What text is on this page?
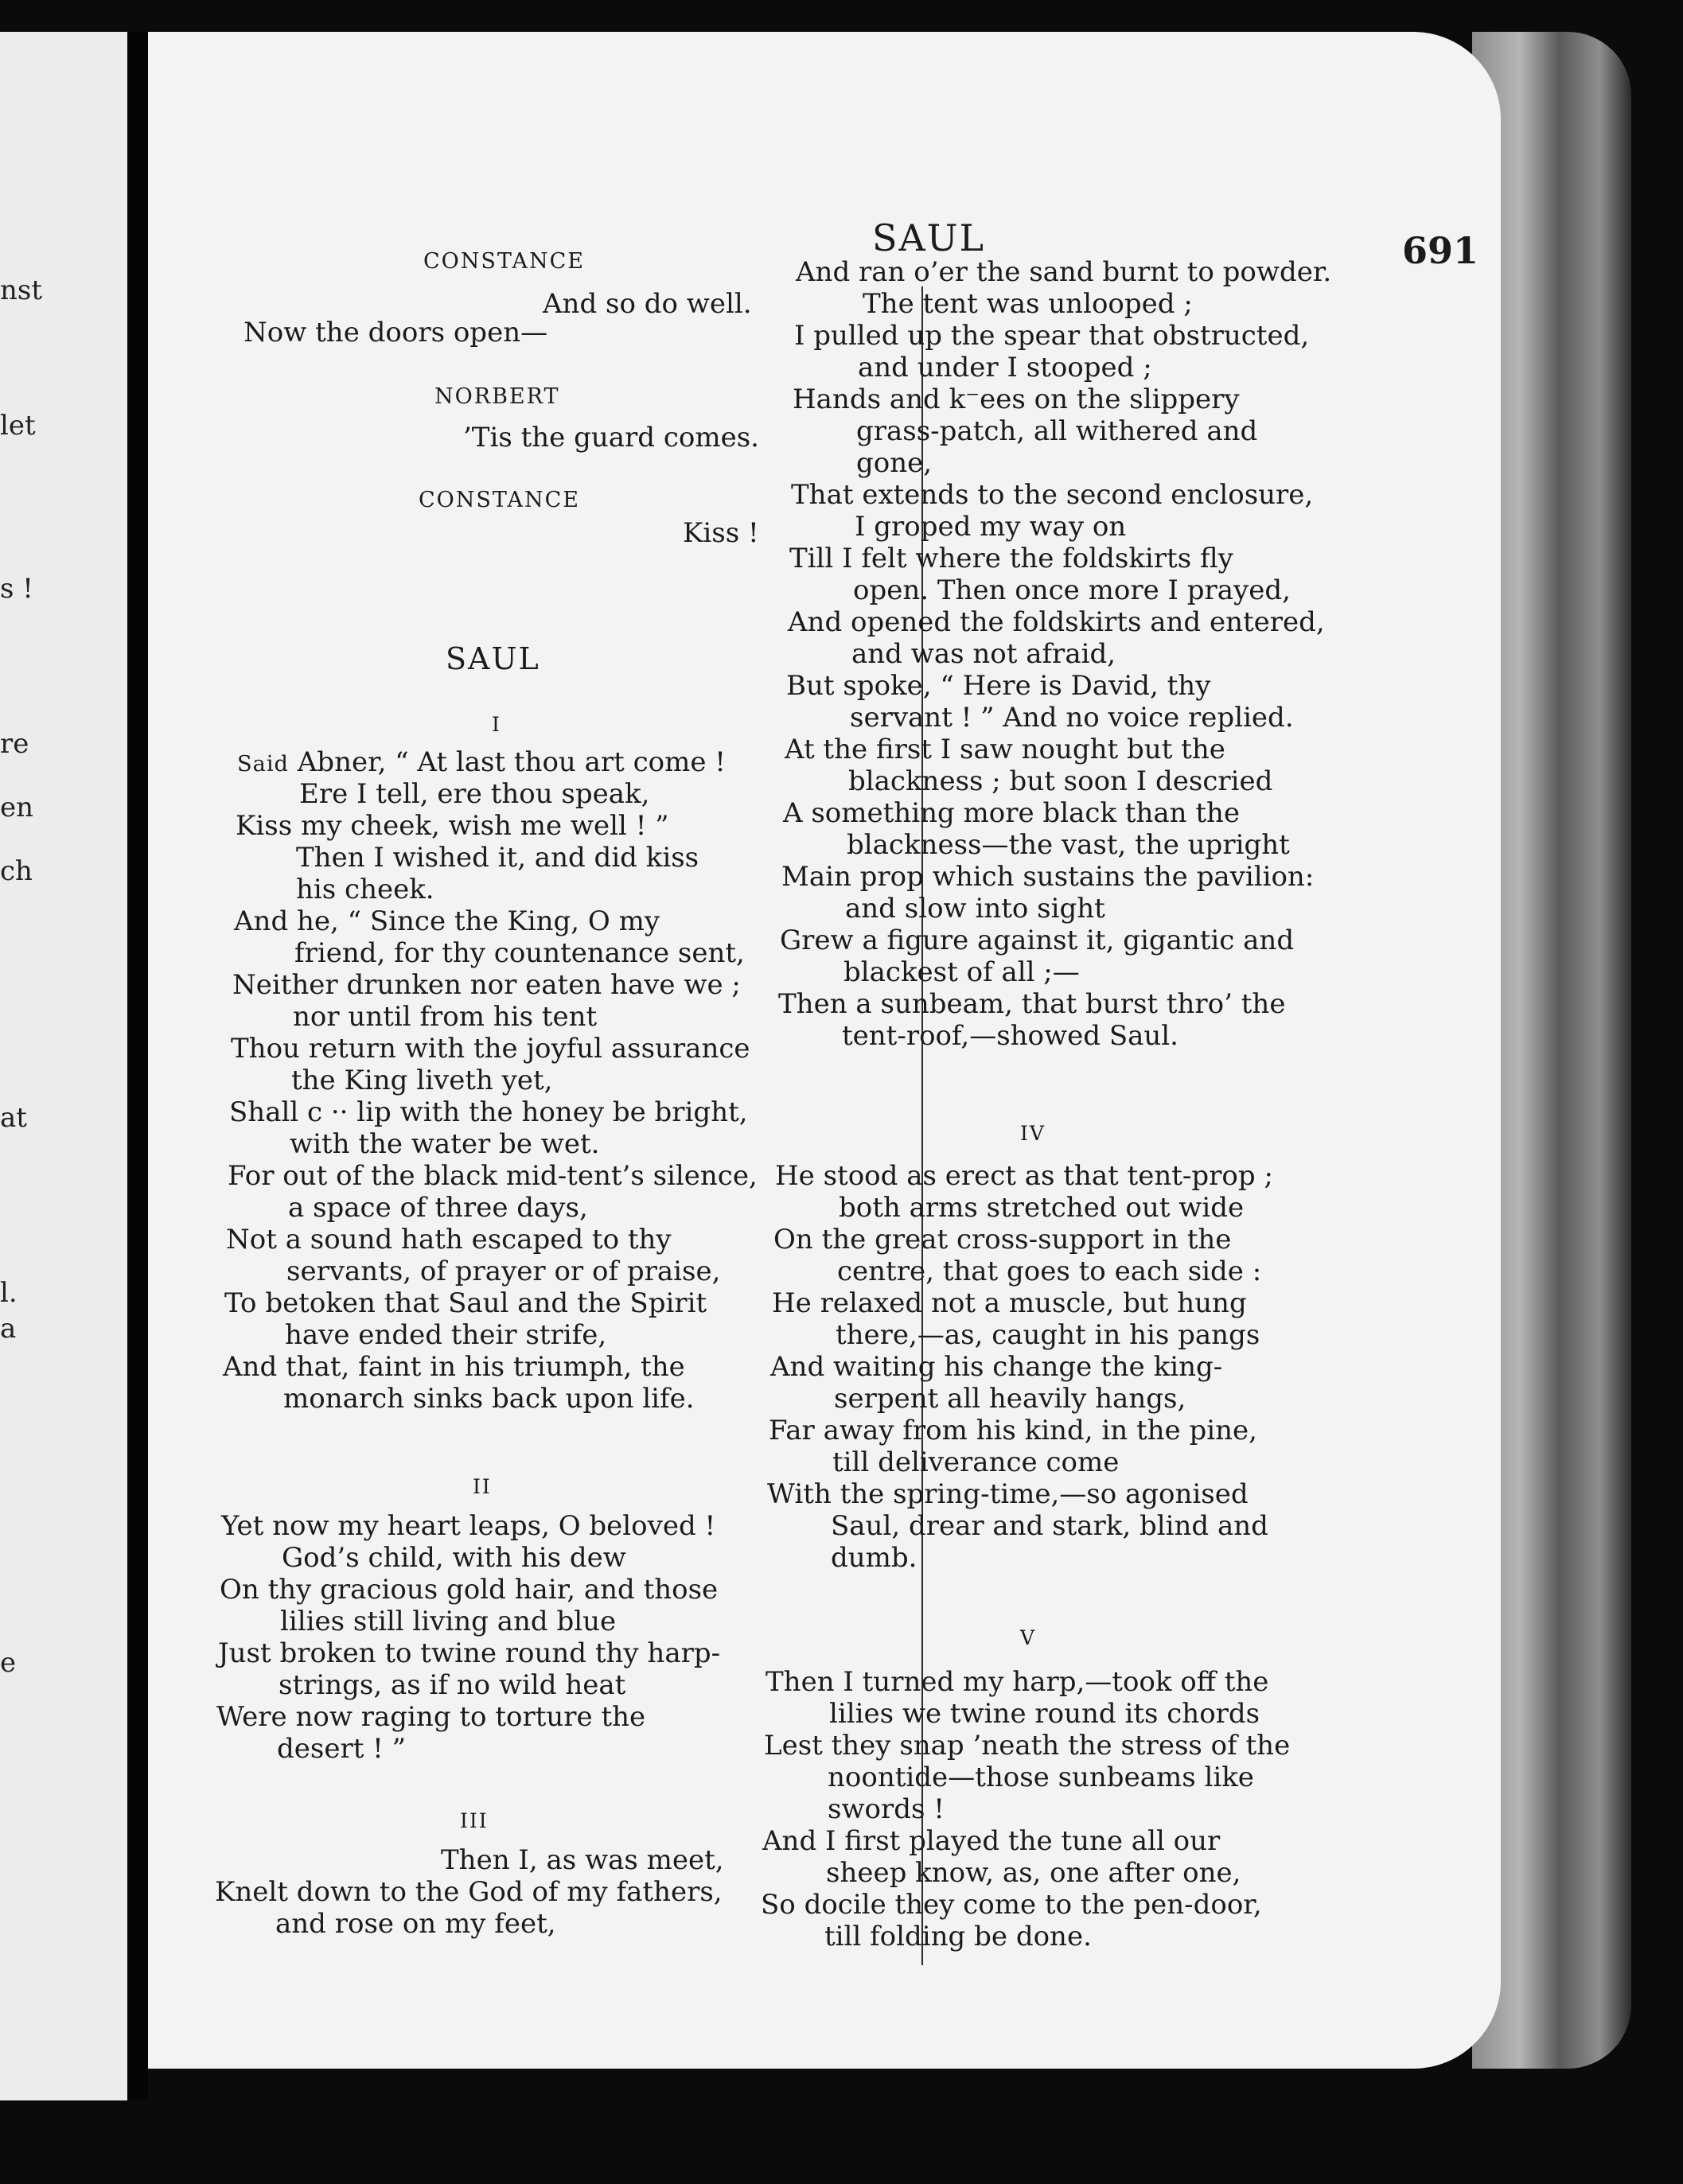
nst
let
s !
re
en
ch
at
l.
a
e
SAUL	691
CONSTANCE
And so do well.
Now the doors open—
NORBERT
’Tis the guard comes.
CONSTANCE
Kiss !
SAUL
I
Said Abner, “ At last thou art come !
Ere I tell, ere thou speak,
Kiss my cheek, wish me well ! ”
Then I wished it, and did kiss
his cheek.
And he, “ Since the King, O my
friend, for thy countenance sent,
Neither drunken nor eaten have we ;
nor until from his tent
Thou return with the joyful assurance
the King liveth yet,
Shall c ·· lip with the honey be bright,
with the water be wet.
For out of the black mid-tent’s silence,
a space of three days,
Not a sound hath escaped to thy
servants, of prayer or of praise,
To betoken that Saul and the Spirit
have ended their strife,
And that, faint in his triumph, the
monarch sinks back upon life.
II
Yet now my heart leaps, O beloved !
God’s child, with his dew
On thy gracious gold hair, and those
lilies still living and blue
Just broken to twine round thy harp-
strings, as if no wild heat
Were now raging to torture the
desert ! ”
III
Then I, as was meet,
Knelt down to the God of my fathers,
and rose on my feet,
And ran o’er the sand burnt to powder.
The tent was unlooped ;
I pulled up the spear that obstructed,
and under I stooped ;
Hands and k⁻ees on the slippery
grass-patch, all withered and
gone,
That extends to the second enclosure,
I groped my way on
Till I felt where the foldskirts fly
open. Then once more I prayed,
And opened the foldskirts and entered,
and was not afraid,
But spoke, “ Here is David, thy
servant ! ” And no voice replied.
At the first I saw nought but the
blackness ; but soon I descried
A something more black than the
blackness—the vast, the upright
Main prop which sustains the pavilion:
and slow into sight
Grew a figure against it, gigantic and
blackest of all ;—
Then a sunbeam, that burst thro’ the
tent-roof,—showed Saul.
IV
He stood as erect as that tent-prop ;
both arms stretched out wide
On the great cross-support in the
centre, that goes to each side :
He relaxed not a muscle, but hung
there,—as, caught in his pangs
And waiting his change the king-
serpent all heavily hangs,
Far away from his kind, in the pine,
till deliverance come
With the spring-time,—so agonised
Saul, drear and stark, blind and
dumb.
V
Then I turned my harp,—took off the
lilies we twine round its chords
Lest they snap ’neath the stress of the
noontide—those sunbeams like
swords !
And I first played the tune all our
sheep know, as, one after one,
So docile they come to the pen-door,
till folding be done.
